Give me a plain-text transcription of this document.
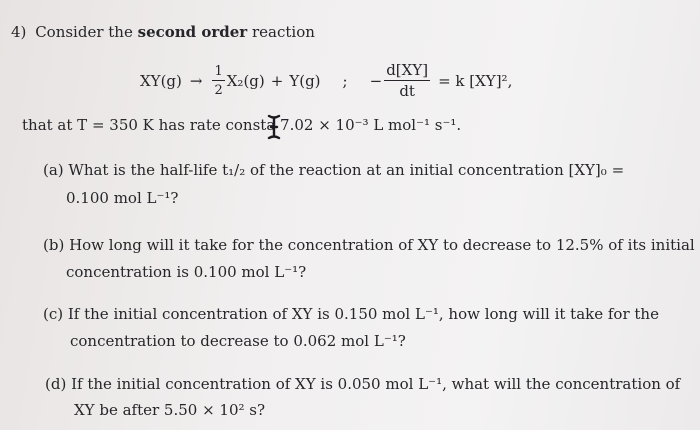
4) Consider the second order reaction
$XY(g) \to \frac{1}{2} X_2(g) + Y(g)$ ; − $\frac{d[XY]}{dt} = k$ [XY]²,
that at T = 350 K has rate consta 7.02 × 10⁻³ L mol⁻¹ s⁻¹.
(a) What is the half-life t₁/₂ of the reaction at an initial concentration [XY]₀ =
0.100 mol L⁻¹?
(b) How long will it take for the concentration of XY to decrease to 12.5% of its initial
concentration is 0.100 mol L⁻¹?
(c) If the initial concentration of XY is 0.150 mol L⁻¹, how long will it take for the
concentration to decrease to 0.062 mol L⁻¹?
(d) If the initial concentration of XY is 0.050 mol L⁻¹, what will the concentration of
XY be after 5.50 × 10² s?
